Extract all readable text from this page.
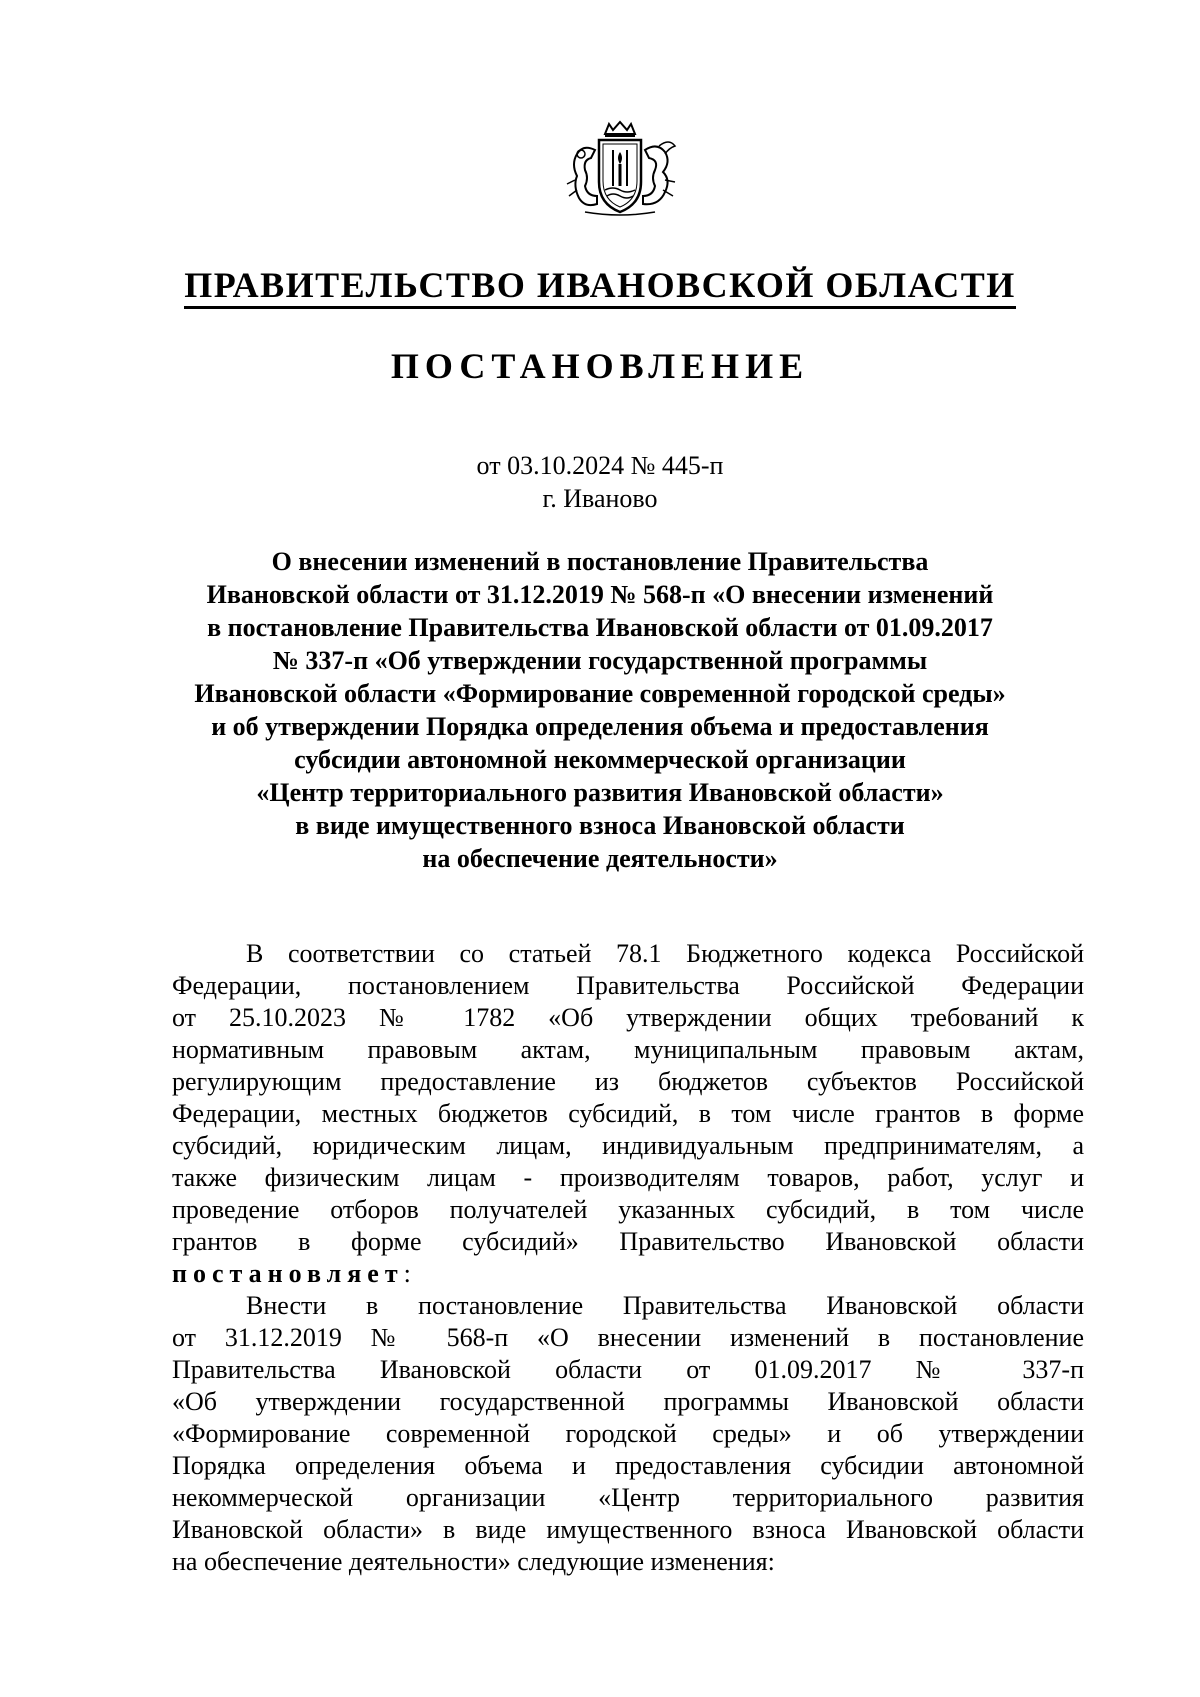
ПРАВИТЕЛЬСТВО ИВАНОВСКОЙ ОБЛАСТИ
ПОСТАНОВЛЕНИЕ
от 03.10.2024 № 445-п
г. Иваново
О внесении изменений в постановление Правительства
Ивановской области от 31.12.2019 № 568-п «О внесении изменений
в постановление Правительства Ивановской области от 01.09.2017
№ 337-п «Об утверждении государственной программы
Ивановской области «Формирование современной городской среды»
и об утверждении Порядка определения объема и предоставления
субсидии автономной некоммерческой организации
«Центр территориального развития Ивановской области»
в виде имущественного взноса Ивановской области
на обеспечение деятельности»
В соответствии со статьей 78.1 Бюджетного кодекса Российской
Федерации, постановлением Правительства Российской Федерации
от 25.10.2023 № 1782 «Об утверждении общих требований к
нормативным правовым актам, муниципальным правовым актам,
регулирующим предоставление из бюджетов субъектов Российской
Федерации, местных бюджетов субсидий, в том числе грантов в форме
субсидий, юридическим лицам, индивидуальным предпринимателям, а
также физическим лицам - производителям товаров, работ, услуг и
проведение отборов получателей указанных субсидий, в том числе
грантов в форме субсидий» Правительство Ивановской области
постановляет:
Внести в постановление Правительства Ивановской области
от 31.12.2019 № 568-п «О внесении изменений в постановление
Правительства Ивановской области от 01.09.2017 № 337-п
«Об утверждении государственной программы Ивановской области
«Формирование современной городской среды» и об утверждении
Порядка определения объема и предоставления субсидии автономной
некоммерческой организации «Центр территориального развития
Ивановской области» в виде имущественного взноса Ивановской области
на обеспечение деятельности» следующие изменения:
